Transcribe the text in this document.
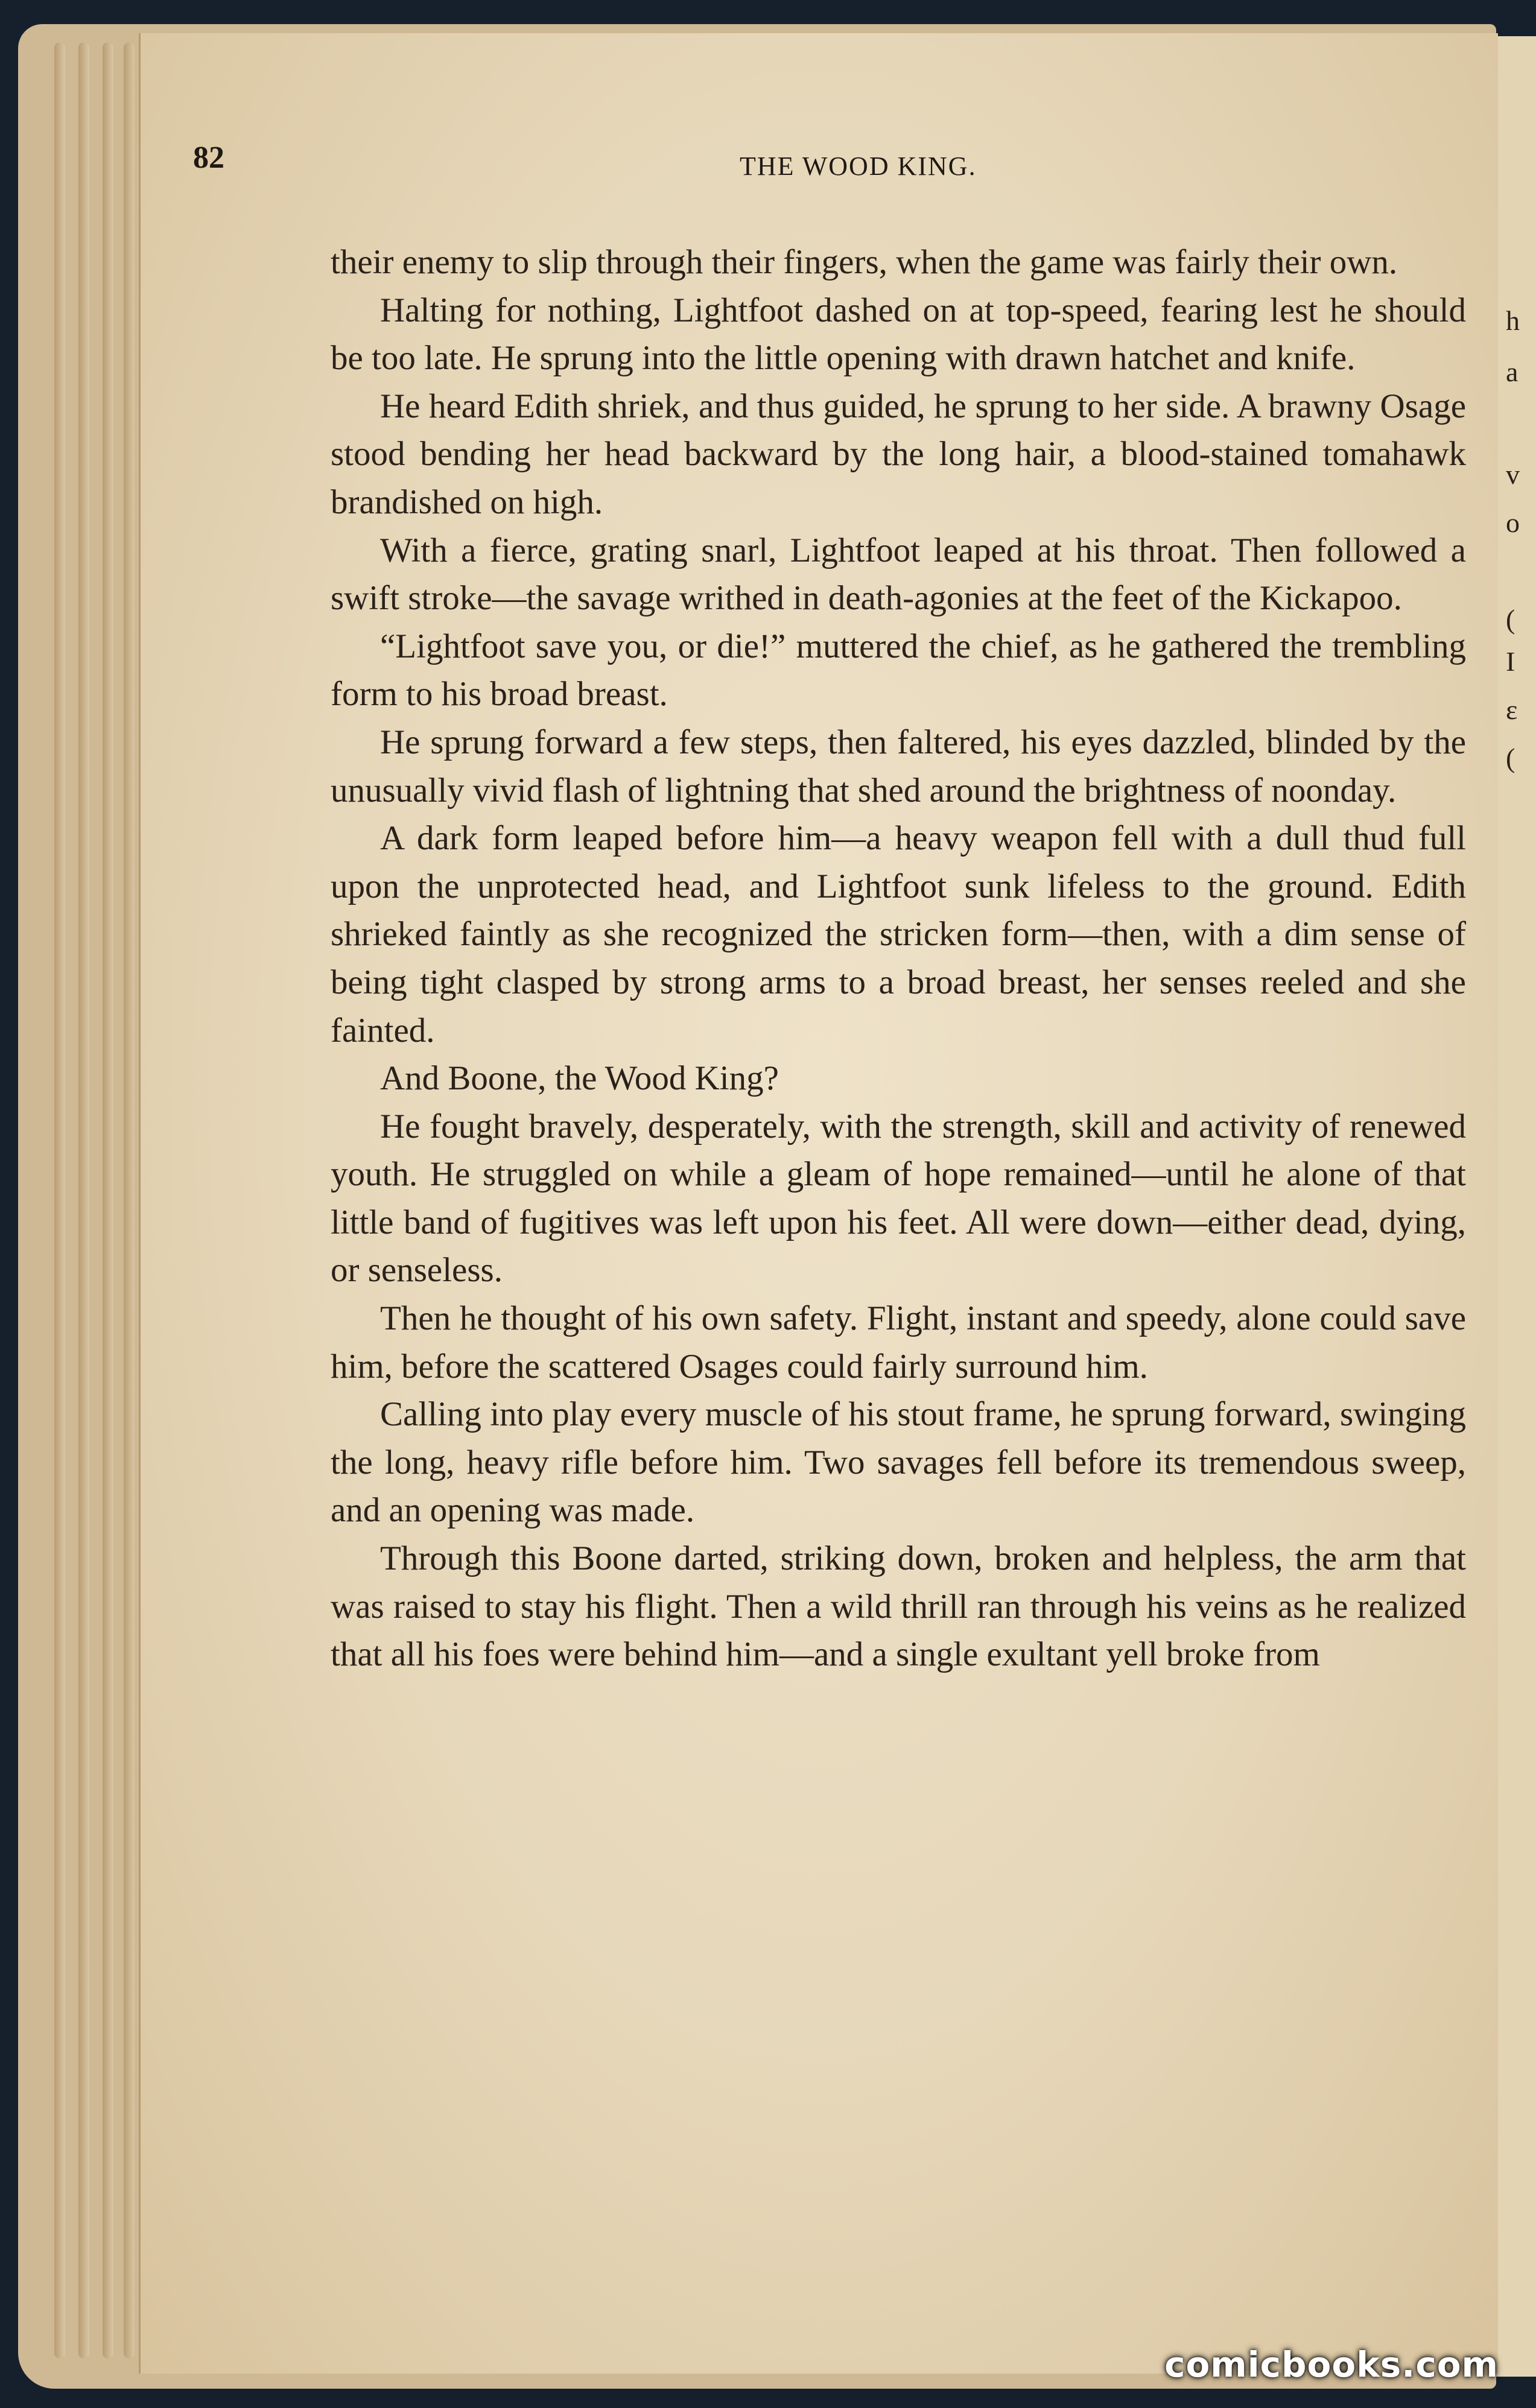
h
a
v
o
(
I
ε
(
82	THE WOOD KING.

their enemy to slip through their fingers, when the game was fairly their own.

Halting for nothing, Lightfoot dashed on at top-speed, fearing lest he should be too late. He sprung into the little opening with drawn hatchet and knife.

He heard Edith shriek, and thus guided, he sprung to her side. A brawny Osage stood bending her head backward by the long hair, a blood-stained tomahawk brandished on high.

With a fierce, grating snarl, Lightfoot leaped at his throat. Then followed a swift stroke—the savage writhed in death-agonies at the feet of the Kickapoo.

“Lightfoot save you, or die!” muttered the chief, as he gathered the trembling form to his broad breast.

He sprung forward a few steps, then faltered, his eyes dazzled, blinded by the unusually vivid flash of lightning that shed around the brightness of noonday.

A dark form leaped before him—a heavy weapon fell with a dull thud full upon the unprotected head, and Lightfoot sunk lifeless to the ground. Edith shrieked faintly as she recognized the stricken form—then, with a dim sense of being tight clasped by strong arms to a broad breast, her senses reeled and she fainted.

And Boone, the Wood King?

He fought bravely, desperately, with the strength, skill and activity of renewed youth. He struggled on while a gleam of hope remained—until he alone of that little band of fugitives was left upon his feet. All were down—either dead, dying, or senseless.

Then he thought of his own safety. Flight, instant and speedy, alone could save him, before the scattered Osages could fairly surround him.

Calling into play every muscle of his stout frame, he sprung forward, swinging the long, heavy rifle before him. Two savages fell before its tremendous sweep, and an opening was made.

Through this Boone darted, striking down, broken and helpless, the arm that was raised to stay his flight. Then a wild thrill ran through his veins as he realized that all his foes were behind him—and a single exultant yell broke from

comicbooks.com
